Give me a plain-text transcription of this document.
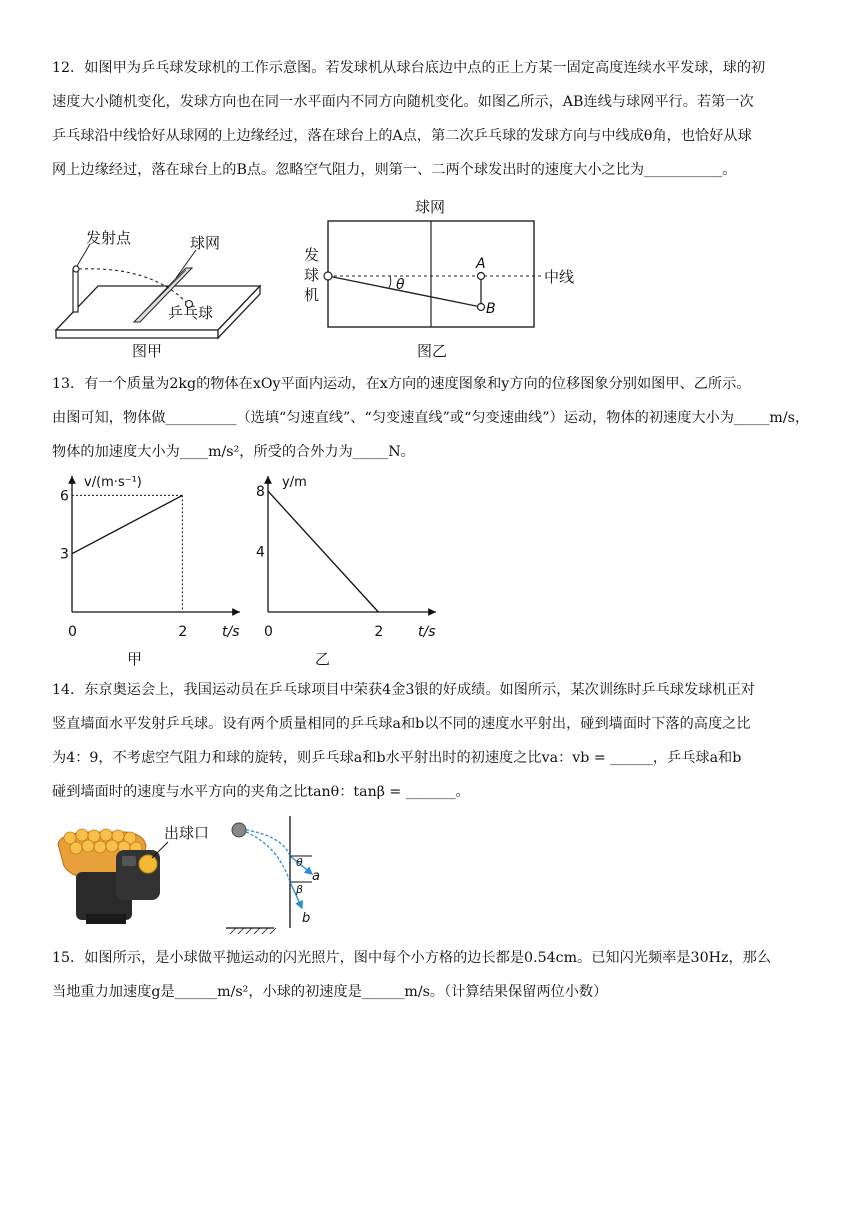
12．如图甲为乒乓球发球机的工作示意图。若发球机从球台底边中点的正上方某一固定高度连续水平发球，球的初
速度大小随机变化，发球方向也在同一水平面内不同方向随机变化。如图乙所示，AB连线与球网平行。若第一次
乒乓球沿中线恰好从球网的上边缘经过，落在球台上的A点，第二次乒乓球的发球方向与中线成θ角，也恰好从球
网上边缘经过，落在球台上的B点。忽略空气阻力，则第一、二两个球发出时的速度大小之比为___________。
发射点	球网
乒乓球
图甲
球网
θ
A
B
发
球
机
中线
图乙
13．有一个质量为2kg的物体在xOy平面内运动，在x方向的速度图象和y方向的位移图象分别如图甲、乙所示。
由图可知，物体做__________（选填“匀速直线”、“匀变速直线”或“匀变速曲线”）运动，物体的初速度大小为_____m/s，
物体的加速度大小为____m/s²，所受的合外力为_____N。
3
6
2
v/(m·s⁻¹)
t/s
0
甲
4
8
2
y/m
t/s
0
乙
14．东京奥运会上，我国运动员在乒乓球项目中荣获4金3银的好成绩。如图所示，某次训练时乒乓球发球机正对
竖直墙面水平发射乒乓球。设有两个质量相同的乒乓球a和b以不同的速度水平射出，碰到墙面时下落的高度之比
为4：9，不考虑空气阻力和球的旋转，则乒乓球a和b水平射出时的初速度之比va：vb = ______，乒乓球a和b
碰到墙面时的速度与水平方向的夹角之比tanθ：tanβ = _______。
出球口
θ
β
a
b
15．如图所示，是小球做平抛运动的闪光照片，图中每个小方格的边长都是0.54cm。已知闪光频率是30Hz，那么
当地重力加速度g是______m/s²，小球的初速度是______m/s。（计算结果保留两位小数）
